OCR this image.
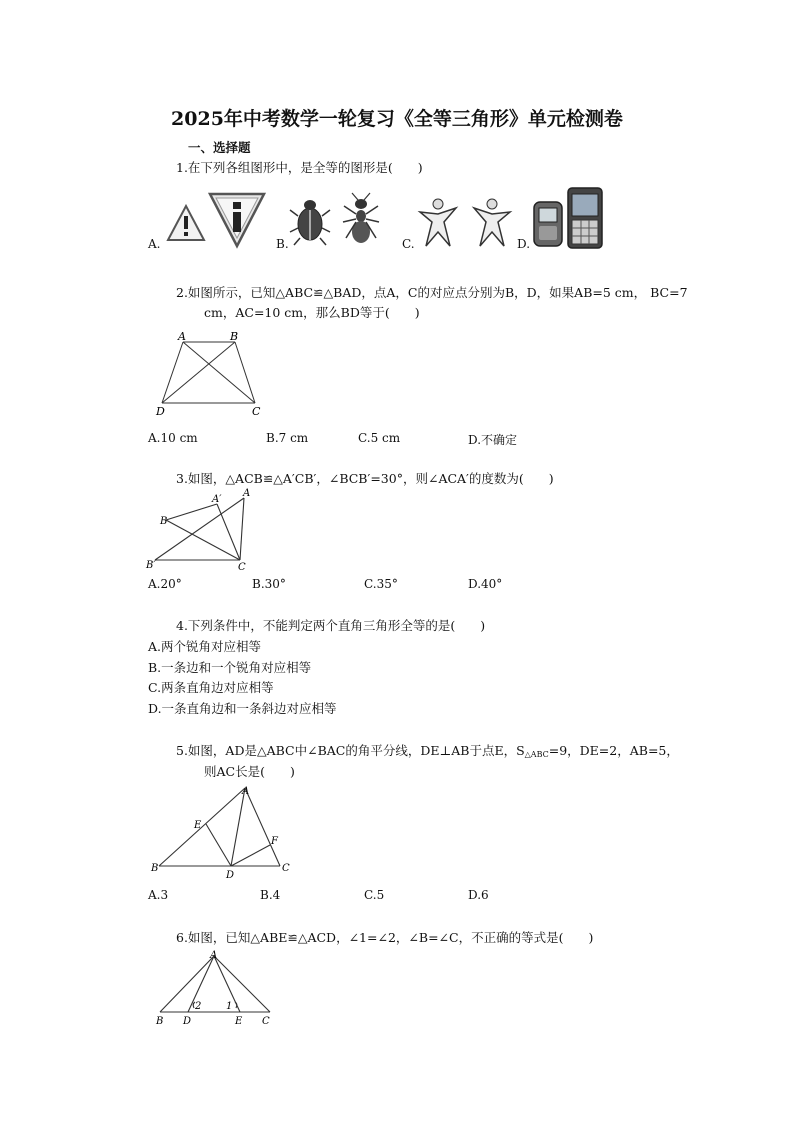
2025年中考数学一轮复习《全等三角形》单元检测卷
一、选择题
1.在下列各组图形中，是全等的图形是(　　)
A.	B.	C.	D.
2.如图所示，已知△ABC≌△BAD，点A，C的对应点分别为B，D，如果AB=5 cm， BC=7
cm，AC=10 cm，那么BD等于(　　)
A	B
C
D
A.10 cm	B.7 cm	C.5 cm	D.不确定
3.如图，△ACB≌△A′CB′，∠BCB′=30°，则∠ACA′的度数为(　　)
A′
A
B
B′	C
A.20°	B.30°	C.35°	D.40°
4.下列条件中，不能判定两个直角三角形全等的是(　　)
A.两个锐角对应相等
B.一条边和一个锐角对应相等
C.两条直角边对应相等
D.一条直角边和一条斜边对应相等
5.如图，AD是△ABC中∠BAC的角平分线，DE⊥AB于点E，S△ABC=9，DE=2，AB=5，
则AC长是(　　)
A
E
F
B
D
C
A.3	B.4	C.5	D.6
6.如图，已知△ABE≌△ACD，∠1=∠2，∠B=∠C，不正确的等式是(　　)
A
2 1
B D	E C
